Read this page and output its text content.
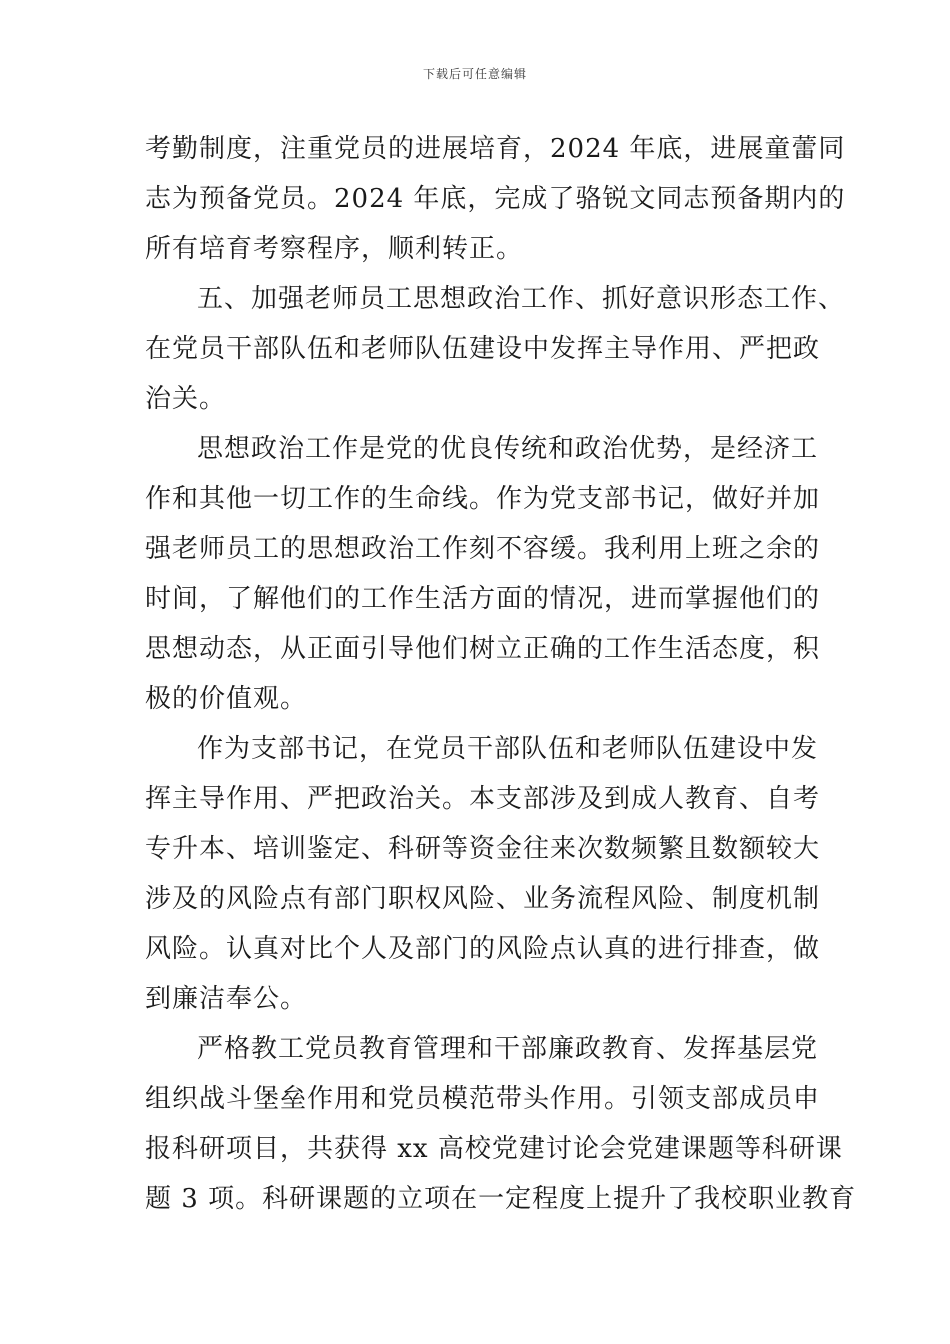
下载后可任意编辑
考勤制度，注重党员的进展培育，2024 年底，进展童蕾同
志为预备党员。2024 年底，完成了骆锐文同志预备期内的
所有培育考察程序，顺利转正。
五、加强老师员工思想政治工作、抓好意识形态工作、
在党员干部队伍和老师队伍建设中发挥主导作用、严把政
治关。
思想政治工作是党的优良传统和政治优势，是经济工
作和其他一切工作的生命线。作为党支部书记，做好并加
强老师员工的思想政治工作刻不容缓。我利用上班之余的
时间，了解他们的工作生活方面的情况，进而掌握他们的
思想动态，从正面引导他们树立正确的工作生活态度，积
极的价值观。
作为支部书记，在党员干部队伍和老师队伍建设中发
挥主导作用、严把政治关。本支部涉及到成人教育、自考
专升本、培训鉴定、科研等资金往来次数频繁且数额较大
涉及的风险点有部门职权风险、业务流程风险、制度机制
风险。认真对比个人及部门的风险点认真的进行排查，做
到廉洁奉公。
严格教工党员教育管理和干部廉政教育、发挥基层党
组织战斗堡垒作用和党员模范带头作用。引领支部成员申
报科研项目，共获得 xx 高校党建讨论会党建课题等科研课
题 3 项。科研课题的立项在一定程度上提升了我校职业教育
